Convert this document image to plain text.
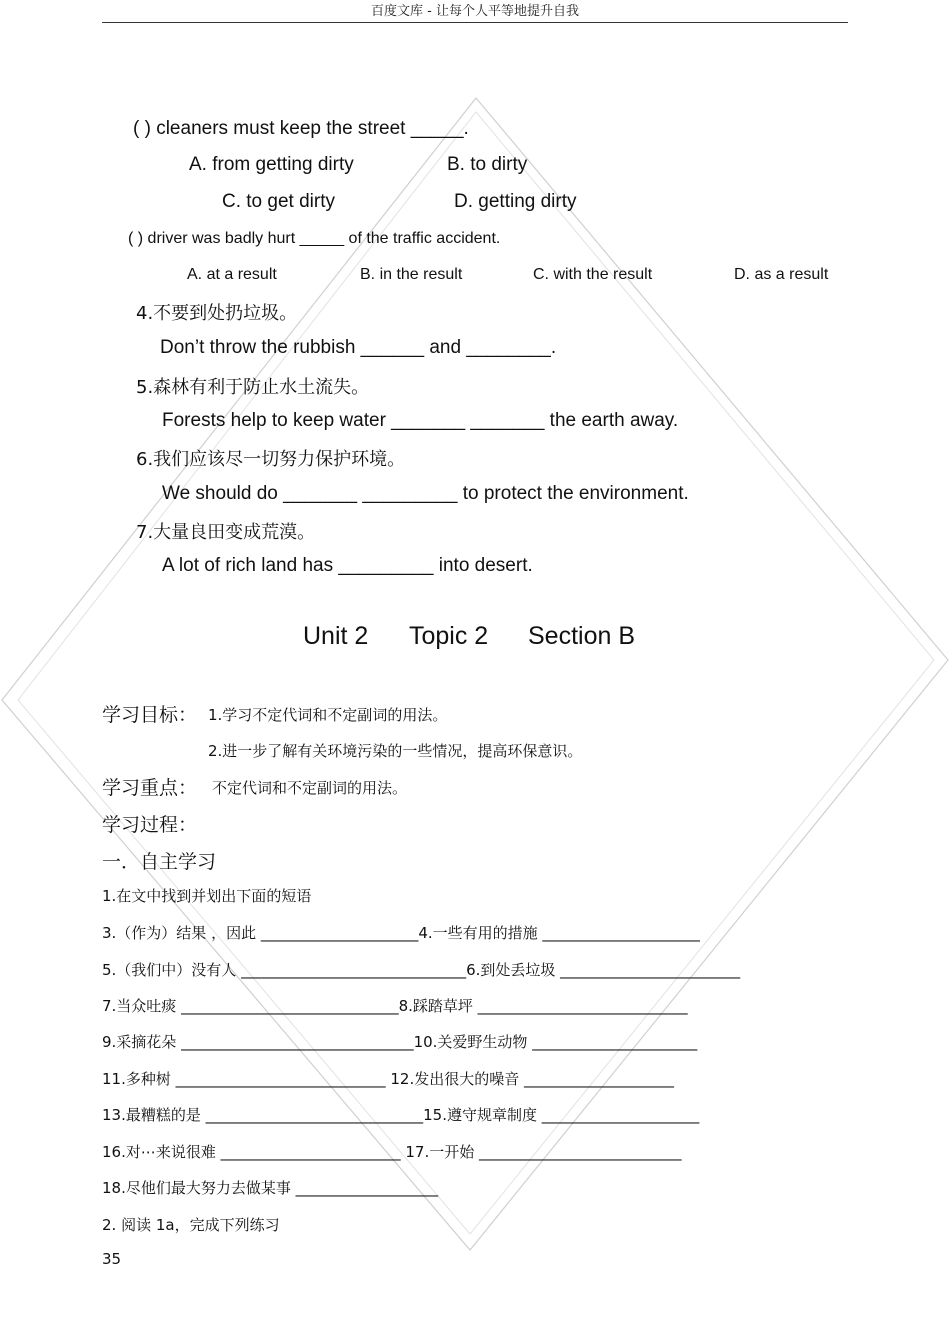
百度文库 - 让每个人平等地提升自我
( ) cleaners must keep the street _____.
A. from getting dirty	B. to dirty
C. to get dirty	D. getting dirty
( ) driver was badly hurt _____ of the traffic accident.
A. at a result	B. in the result	C. with the result	D. as a result
4.不要到处扔垃圾。
Don’t throw the rubbish ______ and ________.
5.森林有利于防止水土流失。
Forests help to keep water _______ _______ the earth away.
6.我们应该尽一切努力保护环境。
We should do _______ _________ to protect the environment.
7.大量良田变成荒漠。
A lot of rich land has _________ into desert.
Unit 2 Topic 2 Section B
学习目标： 1.学习不定代词和不定副词的用法。
2.进一步了解有关环境污染的一些情况，提高环保意识。
学习重点： 不定代词和不定副词的用法。
学习过程：
一．自主学习
1.在文中找到并划出下面的短语
3.（作为）结果 ，因此 _____________________4.一些有用的措施 _____________________
5.（我们中）没有人 ______________________________6.到处丢垃圾 ________________________
7.当众吐痰 _____________________________8.踩踏草坪 ____________________________
9.采摘花朵 _______________________________10.关爱野生动物 ______________________
11.多种树 ____________________________ 12.发出很大的噪音 ____________________
13.最糟糕的是 _____________________________15.遵守规章制度 _____________________
16.对⋯来说很难 ________________________ 17.一开始 ___________________________
18.尽他们最大努力去做某事 ___________________
2. 阅读 1a，完成下列练习
35
